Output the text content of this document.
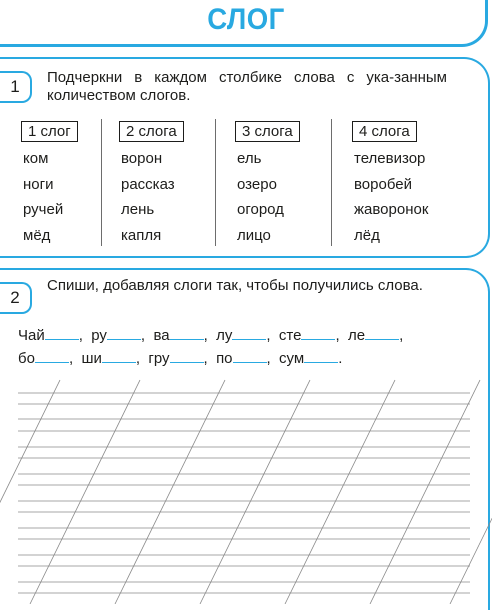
СЛОГ
1	Подчеркни в каждом столбике слова с ука-занным количеством слогов.
1 слог
ком
ноги
ручей
мёд
2 слога
ворон
рассказ
лень
капля
3 слога
ель
озеро
огород
лицо
4 слога
телевизор
воробей
жаворонок
лёд
2
Спиши, добавляя слоги так, чтобы получились слова.
Чай , ру , ва , лу , сте , ле ,
бо , ши , гру , по , сум .
